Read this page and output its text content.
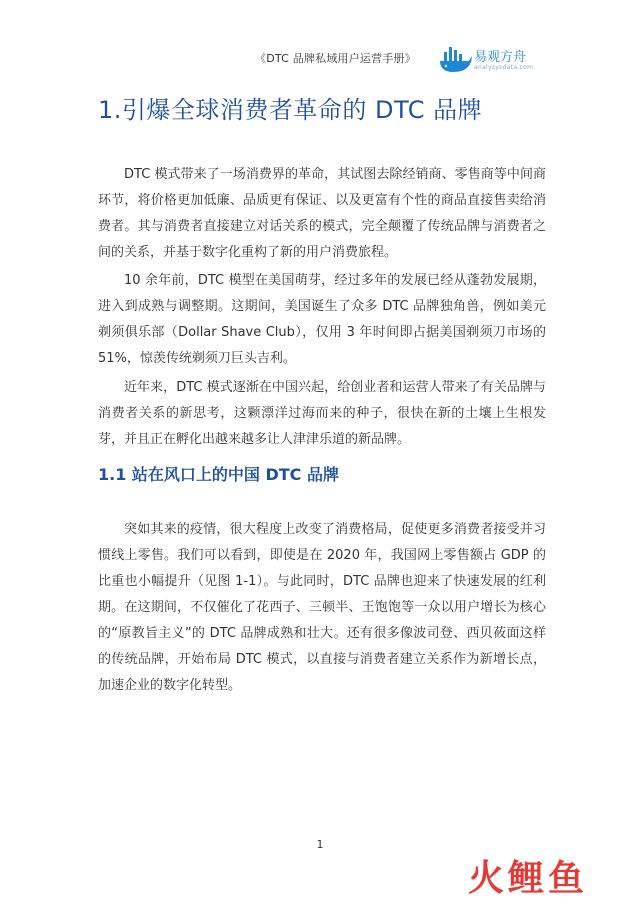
《DTC 品牌私域用户运营手册》	易观方舟
analysysdata.com
1.引爆全球消费者革命的 DTC 品牌

DTC 模式带来了一场消费界的革命，其试图去除经销商、零售商等中间商环节，将价格更加低廉、品质更有保证、以及更富有个性的商品直接售卖给消费者。其与消费者直接建立对话关系的模式，完全颠覆了传统品牌与消费者之间的关系，并基于数字化重构了新的用户消费旅程。

10 余年前，DTC 模型在美国萌芽，经过多年的发展已经从蓬勃发展期，进入到成熟与调整期。这期间，美国诞生了众多 DTC 品牌独角兽，例如美元剃须俱乐部（Dollar Shave Club），仅用 3 年时间即占据美国剃须刀市场的 51%，惊羡传统剃须刀巨头吉利。

近年来，DTC 模式逐渐在中国兴起，给创业者和运营人带来了有关品牌与消费者关系的新思考，这颗漂洋过海而来的种子，很快在新的土壤上生根发芽，并且正在孵化出越来越多让人津津乐道的新品牌。

1.1 站在风口上的中国 DTC 品牌

突如其来的疫情，很大程度上改变了消费格局，促使更多消费者接受并习惯线上零售。我们可以看到，即使是在 2020 年，我国网上零售额占 GDP 的比重也小幅提升（见图 1-1）。与此同时，DTC 品牌也迎来了快速发展的红利期。在这期间，不仅催化了花西子、三顿半、王饱饱等一众以用户增长为核心的“原教旨主义”的 DTC 品牌成熟和壮大。还有很多像波司登、西贝莜面这样的传统品牌，开始布局 DTC 模式，以直接与消费者建立关系作为新增长点，加速企业的数字化转型。

1
火鲤鱼
